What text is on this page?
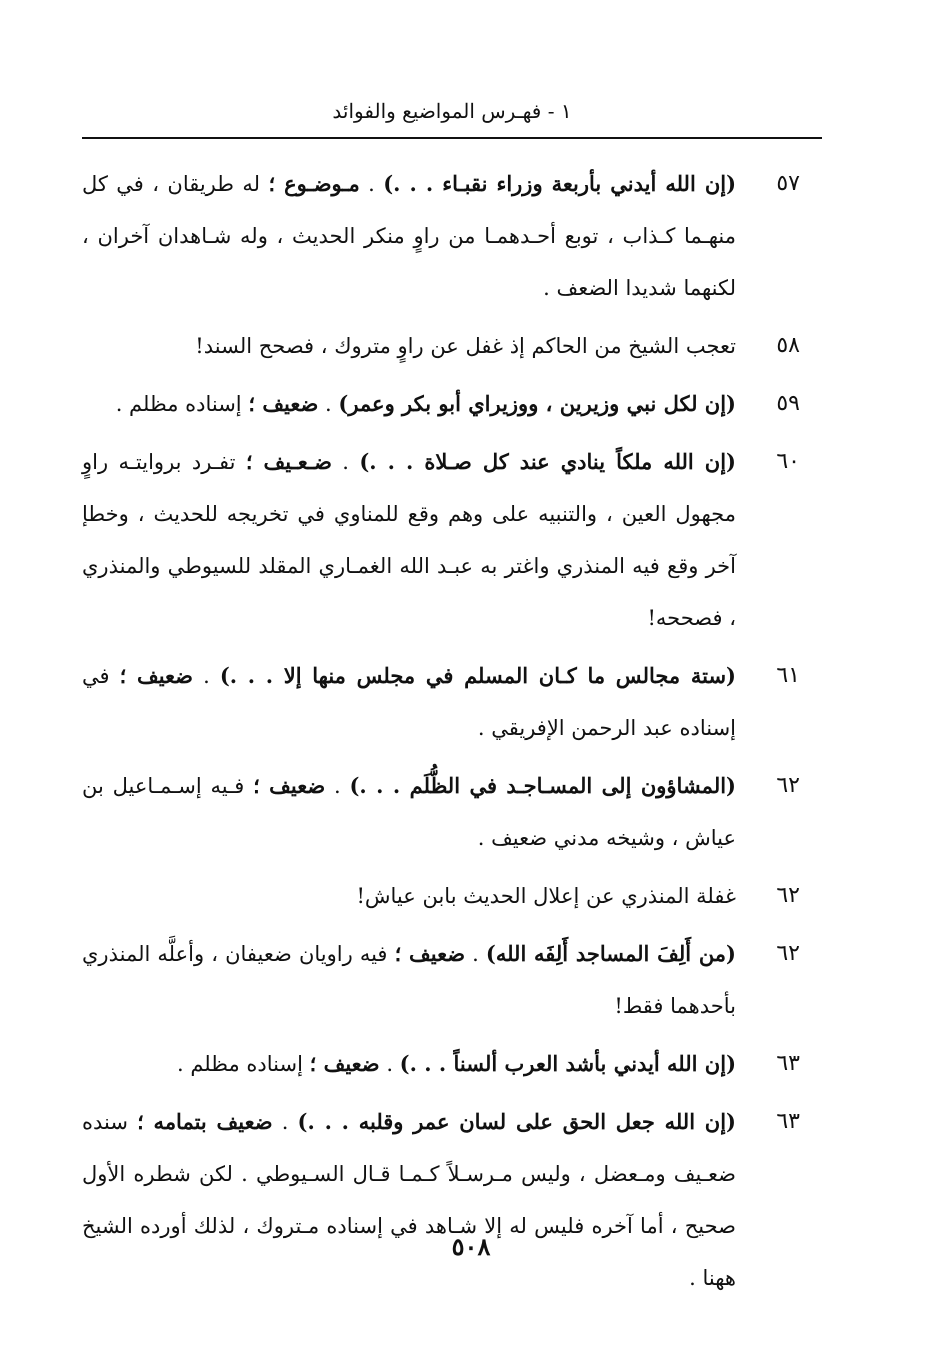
١ - فهـرس المواضيع والفوائد
٥٧
(إن الله أيدني بأربعة وزراء نقبـاء . . .) . مـوضـوع ؛ له طريقان ، في كل منهـما كـذاب ، توبع أحـدهمـا من راوٍ منكر الحديث ، وله شـاهدان آخران ، لكنهما شديدا الضعف .
٥٨
تعجب الشيخ من الحاكم إذ غفل عن راوٍ متروك ، فصحح السند!
٥٩
(إن لكل نبي وزيرين ، ووزيراي أبو بكر وعمر) . ضعيف ؛ إسناده مظلم .
٦٠
(إن الله ملكاً ينادي عند كل صـلاة . . .) . ضـعـيف ؛ تفـرد بروايتـه راوٍ مجهول العين ، والتنبيه على وهم وقع للمناوي في تخريجه للحديث ، وخطإ آخر وقع فيه المنذري واغتر به عبـد الله الغمـاري المقلد للسيوطي والمنذري ، فصححه!
٦١
(ستة مجالس ما كـان المسلم في مجلس منها إلا . . .) . ضعيف ؛ في إسناده عبد الرحمن الإفريقي .
٦٢
(المشاؤون إلى المسـاجـد في الظُّلَم . . .) . ضعيف ؛ فـيه إسـمـاعيل بن عياش ، وشيخه مدني ضعيف .
٦٢
غفلة المنذري عن إعلال الحديث بابن عياش!
٦٢
(من أَلِفَ المساجد أَلِفَه الله) . ضعيف ؛ فيه راويان ضعيفان ، وأعلَّه المنذري بأحدهما فقط!
٦٣
(إن الله أيدني بأشد العرب ألسناً . . .) . ضعيف ؛ إسناده مظلم .
٦٣
(إن الله جعل الحق على لسان عمر وقلبه . . .) . ضعيف بتمامه ؛ سنده ضعـيف ومـعضل ، وليس مـرسـلاً كـمـا قـال السـيوطي . لكن شطره الأول صحيح ، أما آخره فليس له إلا شـاهد في إسناده مـتروك ، لذلك أورده الشيخ ههنا .
٥٠٨
